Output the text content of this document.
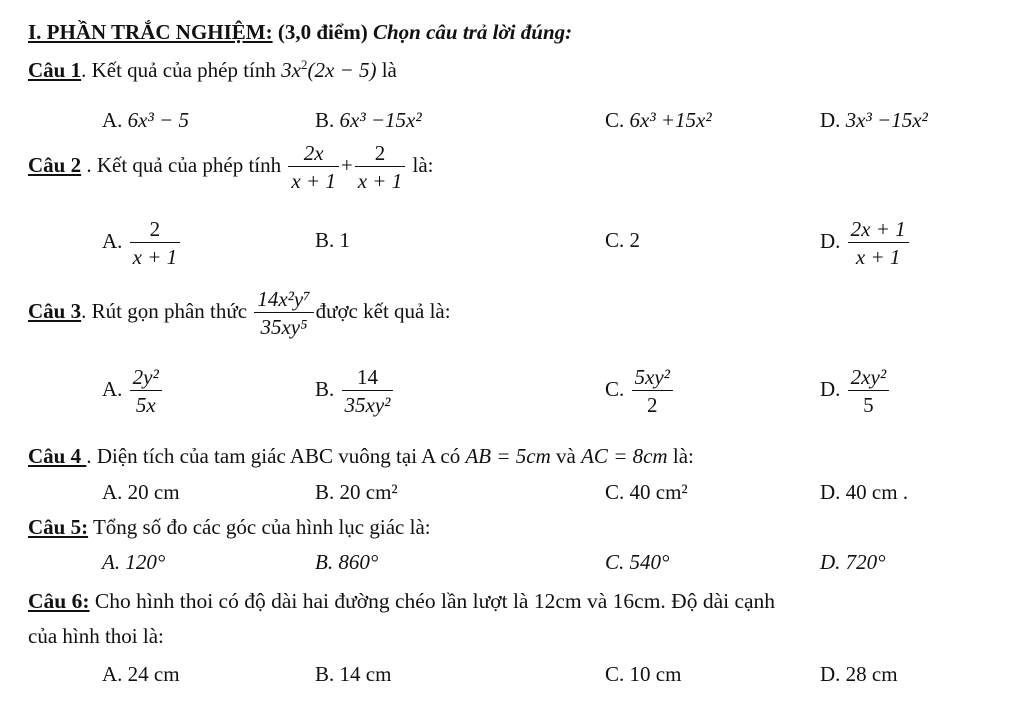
I. PHẦN TRẮC NGHIỆM: (3,0 điểm) Chọn câu trả lời đúng:
Câu 1. Kết quả của phép tính $3x^2(2x - 5)$ là
A. 6x³ − 5	B. 6x³ −15x²	C. 6x³ +15x²	D. 3x³ −15x²
Câu 2 . Kết quả của phép tính $\frac{2x}{x + 1} + \frac{2}{x + 1}$ là:
A. $\frac{2}{x + 1}$	B. 1	C. 2	D. $\frac{2x + 1}{x + 1}$
Câu 3. Rút gọn phân thức $\frac{\text{14x²y⁷}}{\text{35xy⁵}}$ được kết quả là:
A. $\frac{\text{2y²}}{5x}$	B. $\frac{14}{\text{35xy²}}$	C. $\frac{\text{5xy²}}{2}$	D. $\frac{\text{2xy²}}{5}$
Câu 4 . Diện tích của tam giác ABC vuông tại A có AB = 5cm và AC = 8cm là:
A. 20 cm	B. 20 cm²	C. 40 cm²	D. 40 cm .
Câu 5: Tổng số đo các góc của hình lục giác là:
A. 120°	B. 860°	C. 540°	D. 720°
Câu 6: Cho hình thoi có độ dài hai đường chéo lần lượt là 12cm và 16cm. Độ dài cạnh
của hình thoi là:
A. 24 cm	B. 14 cm	C. 10 cm	D. 28 cm
